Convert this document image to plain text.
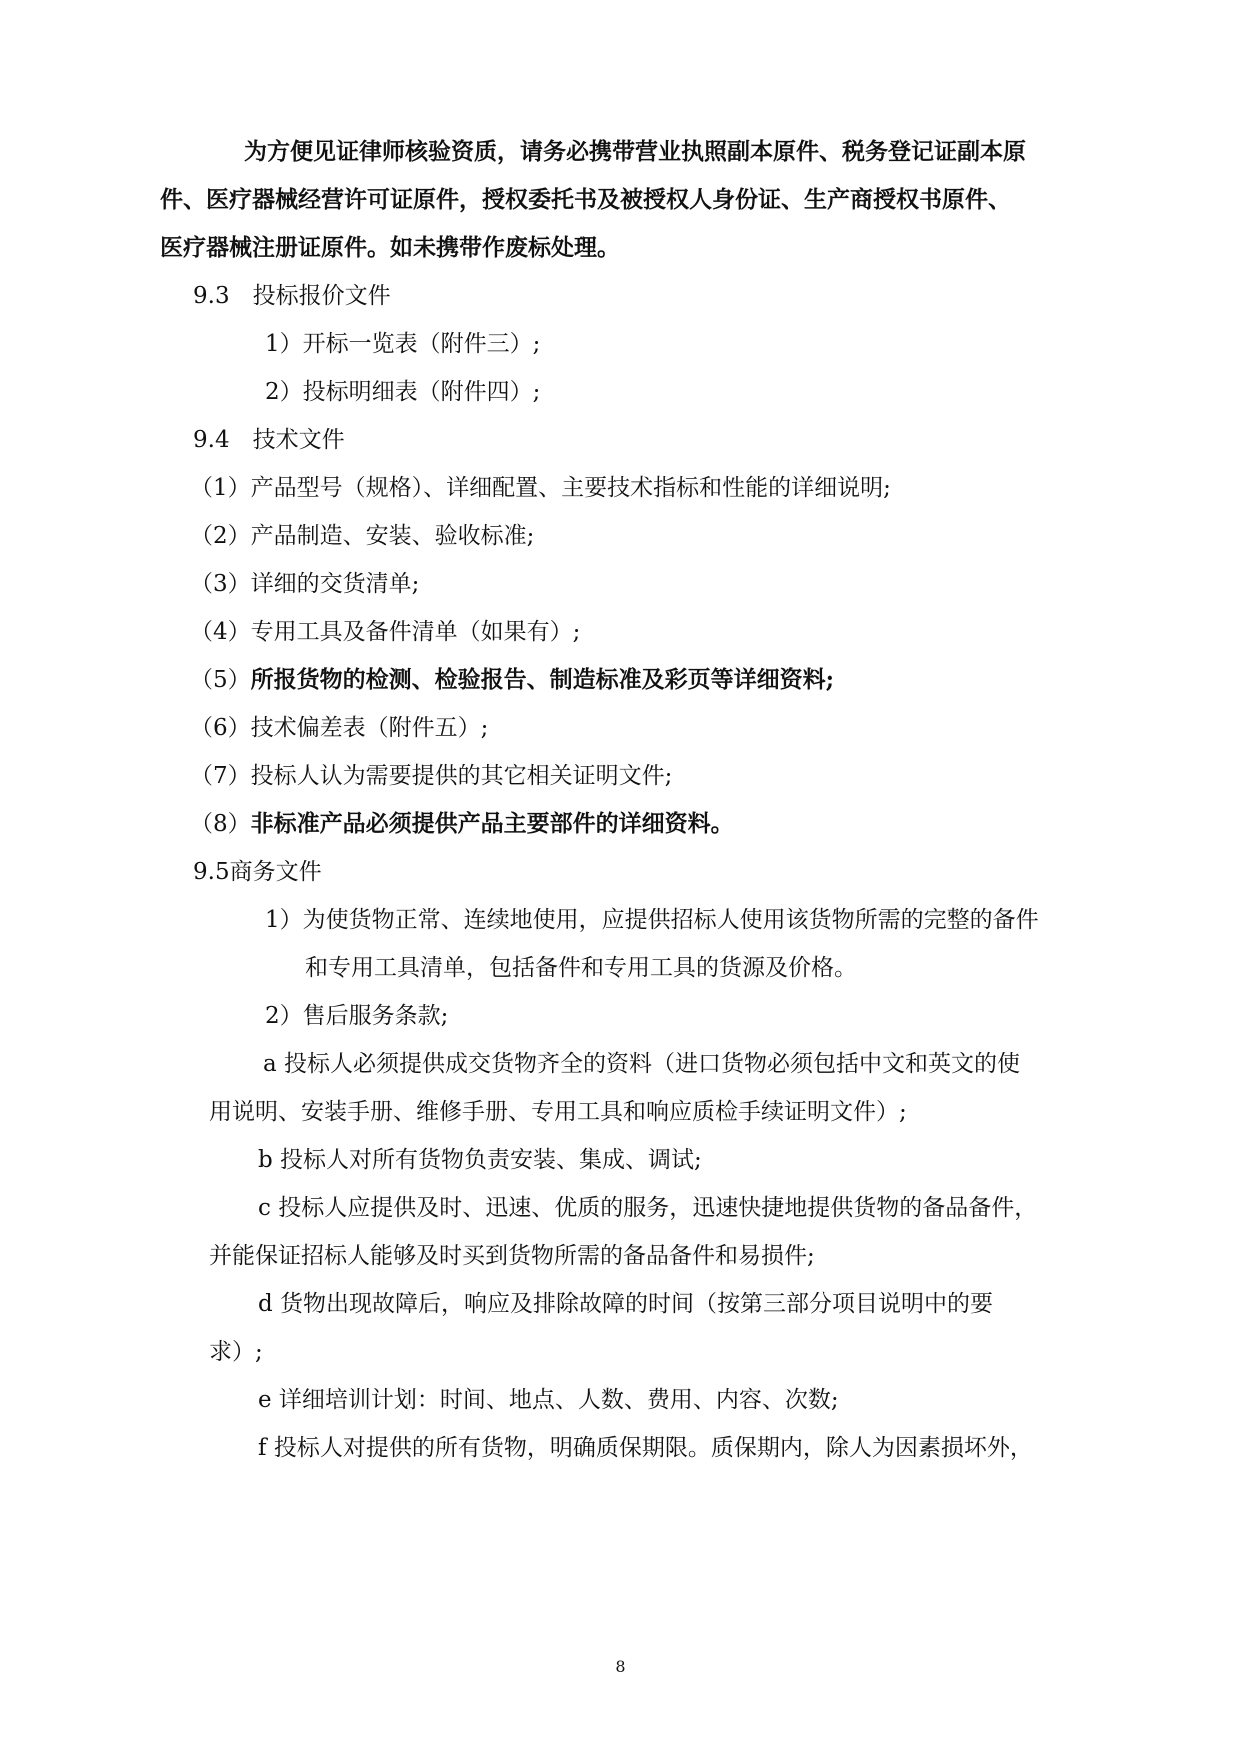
为方便见证律师核验资质，请务必携带营业执照副本原件、税务登记证副本原
件、医疗器械经营许可证原件，授权委托书及被授权人身份证、生产商授权书原件、
医疗器械注册证原件。如未携带作废标处理。
9.3　投标报价文件
1）开标一览表（附件三）;
2）投标明细表（附件四）;
9.4　技术文件
（1）产品型号（规格）、详细配置、主要技术指标和性能的详细说明;
（2）产品制造、安装、验收标准;
（3）详细的交货清单;
（4）专用工具及备件清单（如果有）;
（5）所报货物的检测、检验报告、制造标准及彩页等详细资料;
（6）技术偏差表（附件五）;
（7）投标人认为需要提供的其它相关证明文件;
（8）非标准产品必须提供产品主要部件的详细资料。
9.5商务文件
1）为使货物正常、连续地使用，应提供招标人使用该货物所需的完整的备件
和专用工具清单，包括备件和专用工具的货源及价格。
2）售后服务条款;
a 投标人必须提供成交货物齐全的资料（进口货物必须包括中文和英文的使
用说明、安装手册、维修手册、专用工具和响应质检手续证明文件）;
b 投标人对所有货物负责安装、集成、调试;
c 投标人应提供及时、迅速、优质的服务，迅速快捷地提供货物的备品备件，
并能保证招标人能够及时买到货物所需的备品备件和易损件;
d 货物出现故障后，响应及排除故障的时间（按第三部分项目说明中的要
求）;
e 详细培训计划：时间、地点、人数、费用、内容、次数;
f 投标人对提供的所有货物，明确质保期限。质保期内，除人为因素损坏外，
8
